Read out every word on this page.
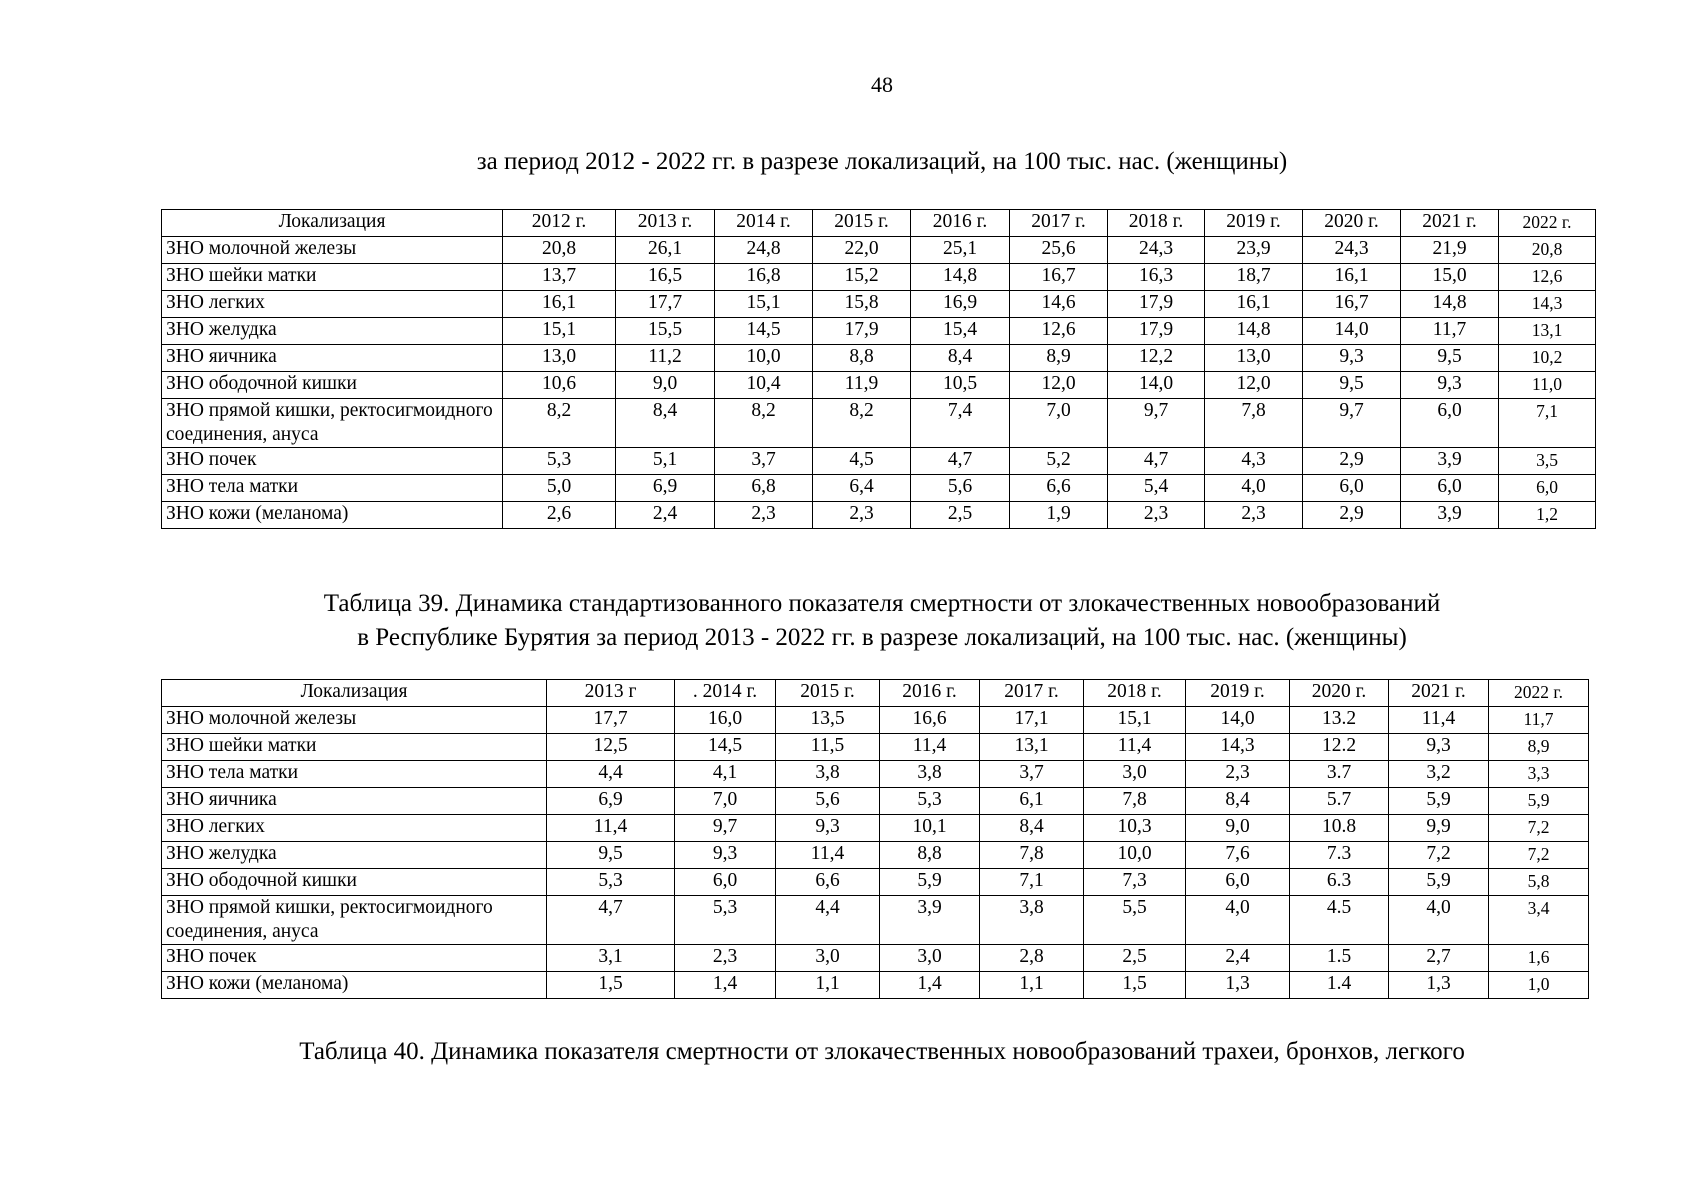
48
за период 2012 - 2022 гг. в разрезе локализаций, на 100 тыс. нас. (женщины)
Локализация	2012 г.	2013 г.	2014 г.	2015 г.	2016 г.	2017 г.	2018 г.	2019 г.	2020 г.	2021 г.	2022 г.
ЗНО молочной железы	20,8	26,1	24,8	22,0	25,1	25,6	24,3	23,9	24,3	21,9	20,8
ЗНО шейки матки	13,7	16,5	16,8	15,2	14,8	16,7	16,3	18,7	16,1	15,0	12,6
ЗНО легких	16,1	17,7	15,1	15,8	16,9	14,6	17,9	16,1	16,7	14,8	14,3
ЗНО желудка	15,1	15,5	14,5	17,9	15,4	12,6	17,9	14,8	14,0	11,7	13,1
ЗНО яичника	13,0	11,2	10,0	8,8	8,4	8,9	12,2	13,0	9,3	9,5	10,2
ЗНО ободочной кишки	10,6	9,0	10,4	11,9	10,5	12,0	14,0	12,0	9,5	9,3	11,0
ЗНО прямой кишки, ректосигмоидного соединения, ануса	8,2	8,4	8,2	8,2	7,4	7,0	9,7	7,8	9,7	6,0	7,1
ЗНО почек	5,3	5,1	3,7	4,5	4,7	5,2	4,7	4,3	2,9	3,9	3,5
ЗНО тела матки	5,0	6,9	6,8	6,4	5,6	6,6	5,4	4,0	6,0	6,0	6,0
ЗНО кожи (меланома)	2,6	2,4	2,3	2,3	2,5	1,9	2,3	2,3	2,9	3,9	1,2
Таблица 39. Динамика стандартизованного показателя смертности от злокачественных новообразований
в Республике Бурятия за период 2013 - 2022 гг. в разрезе локализаций, на 100 тыс. нас. (женщины)
Локализация	2013 г	. 2014 г.	2015 г.	2016 г.	2017 г.	2018 г.	2019 г.	2020 г.	2021 г.	2022 г.
ЗНО молочной железы	17,7	16,0	13,5	16,6	17,1	15,1	14,0	13.2	11,4	11,7
ЗНО шейки матки	12,5	14,5	11,5	11,4	13,1	11,4	14,3	12.2	9,3	8,9
ЗНО тела матки	4,4	4,1	3,8	3,8	3,7	3,0	2,3	3.7	3,2	3,3
ЗНО яичника	6,9	7,0	5,6	5,3	6,1	7,8	8,4	5.7	5,9	5,9
ЗНО легких	11,4	9,7	9,3	10,1	8,4	10,3	9,0	10.8	9,9	7,2
ЗНО желудка	9,5	9,3	11,4	8,8	7,8	10,0	7,6	7.3	7,2	7,2
ЗНО ободочной кишки	5,3	6,0	6,6	5,9	7,1	7,3	6,0	6.3	5,9	5,8
ЗНО прямой кишки, ректосигмоидного соединения, ануса	4,7	5,3	4,4	3,9	3,8	5,5	4,0	4.5	4,0	3,4
ЗНО почек	3,1	2,3	3,0	3,0	2,8	2,5	2,4	1.5	2,7	1,6
ЗНО кожи (меланома)	1,5	1,4	1,1	1,4	1,1	1,5	1,3	1.4	1,3	1,0
Таблица 40. Динамика показателя смертности от злокачественных новообразований трахеи, бронхов, легкого
